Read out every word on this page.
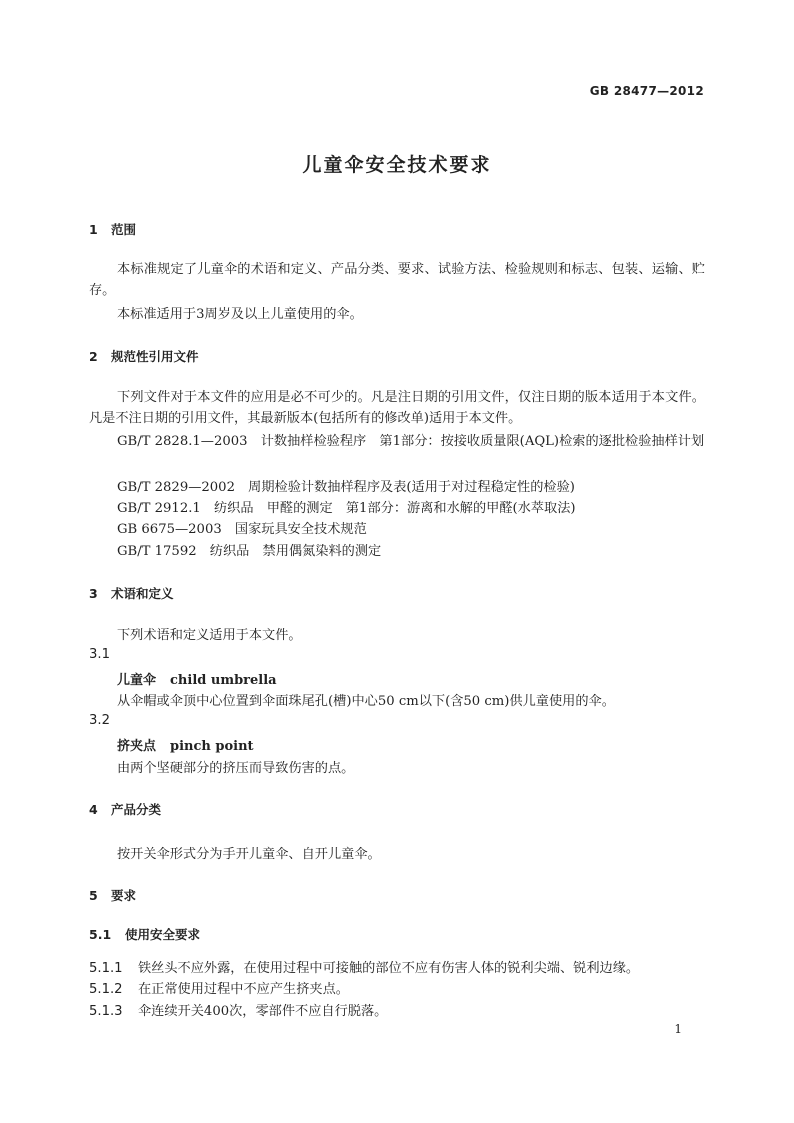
GB 28477—2012
儿童伞安全技术要求
1 范围
本标准规定了儿童伞的术语和定义、产品分类、要求、试验方法、检验规则和标志、包装、运输、贮存。
本标准适用于3周岁及以上儿童使用的伞。
2 规范性引用文件
下列文件对于本文件的应用是必不可少的。凡是注日期的引用文件，仅注日期的版本适用于本文件。凡是不注日期的引用文件，其最新版本(包括所有的修改单)适用于本文件。
GB/T 2828.1—2003　计数抽样检验程序　第1部分：按接收质量限(AQL)检索的逐批检验抽样计划
GB/T 2829—2002　周期检验计数抽样程序及表(适用于对过程稳定性的检验)
GB/T 2912.1　纺织品　甲醛的测定　第1部分：游离和水解的甲醛(水萃取法)
GB 6675—2003　国家玩具安全技术规范
GB/T 17592　纺织品　禁用偶氮染料的测定
3 术语和定义
下列术语和定义适用于本文件。
3.1
儿童伞 child umbrella
从伞帽或伞顶中心位置到伞面珠尾孔(槽)中心50 cm以下(含50 cm)供儿童使用的伞。
3.2
挤夹点 pinch point
由两个坚硬部分的挤压而导致伤害的点。
4 产品分类
按开关伞形式分为手开儿童伞、自开儿童伞。
5 要求
5.1 使用安全要求
5.1.1 铁丝头不应外露，在使用过程中可接触的部位不应有伤害人体的锐利尖端、锐利边缘。
5.1.2 在正常使用过程中不应产生挤夹点。
5.1.3 伞连续开关400次，零部件不应自行脱落。
1
